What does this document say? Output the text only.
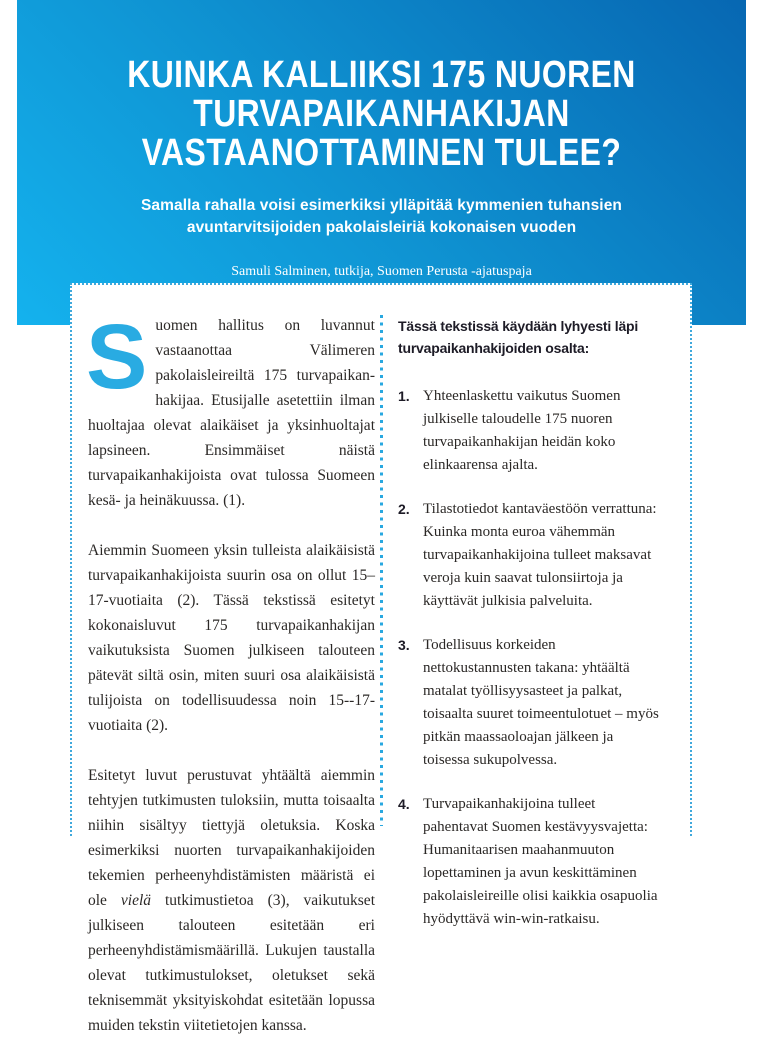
KUINKA KALLIIKSI 175 NUOREN
TURVAPAIKANHAKIJAN
VASTAANOTTAMINEN TULEE?
Samalla rahalla voisi esimerkiksi ylläpitää kymmenien tuhansien
avuntarvitsijoiden pakolaisleiriä kokonaisen vuoden
Samuli Salminen, tutkija, Suomen Perusta -ajatuspaja

Suomen hallitus on luvannut vastaanottaa Välimeren pakolaisleireiltä 175 turvapaikanhakijaa. Etusijalle asetettiin ilman huoltajaa olevat alaikäiset ja yksinhuoltajat lapsineen. Ensimmäiset näistä turvapaikanhakijoista ovat tulossa Suomeen kesä- ja heinäkuussa. (1).

Aiemmin Suomeen yksin tulleista alaikäisistä turvapaikanhakijoista suurin osa on ollut 15–17-vuotiaita (2). Tässä tekstissä esitetyt kokonaisluvut 175 turvapaikanhakijan vaikutuksista Suomen julkiseen talouteen pätevät siltä osin, miten suuri osa alaikäisistä tulijoista on todellisuudessa noin 15--17-vuotiaita (2).

Esitetyt luvut perustuvat yhtäältä aiemmin tehtyjen tutkimusten tuloksiin, mutta toisaalta niihin sisältyy tiettyjä oletuksia. Koska esimerkiksi nuorten turvapaikanhakijoiden tekemien perheenyhdistämisten määristä ei ole vielä tutkimustietoa (3), vaikutukset julkiseen talouteen esitetään eri perheenyhdistämismäärillä. Lukujen taustalla olevat tutkimustulokset, oletukset sekä teknisemmät yksityiskohdat esitetään lopussa muiden tekstin viitetietojen kanssa.

Tässä tekstissä käydään lyhyesti läpi turvapaikanhakijoiden osalta:
1. Yhteenlaskettu vaikutus Suomen julkiselle taloudelle 175 nuoren turvapaikanhakijan heidän koko elinkaarensa ajalta.
2. Tilastotiedot kantaväestöön verrattuna: Kuinka monta euroa vähemmän turvapaikanhakijoina tulleet maksavat veroja kuin saavat tulonsiirtoja ja käyttävät julkisia palveluita.
3. Todellisuus korkeiden nettokustannusten takana: yhtäältä matalat työllisyysasteet ja palkat, toisaalta suuret toimeentulotuet – myös pitkän maassaoloajan jälkeen ja toisessa sukupolvessa.
4. Turvapaikanhakijoina tulleet pahentavat Suomen kestävyysvajetta: Humanitaarisen maahanmuuton lopettaminen ja avun keskittäminen pakolaisleireille olisi kaikkia osapuolia hyödyttävä win-win-ratkaisu.
